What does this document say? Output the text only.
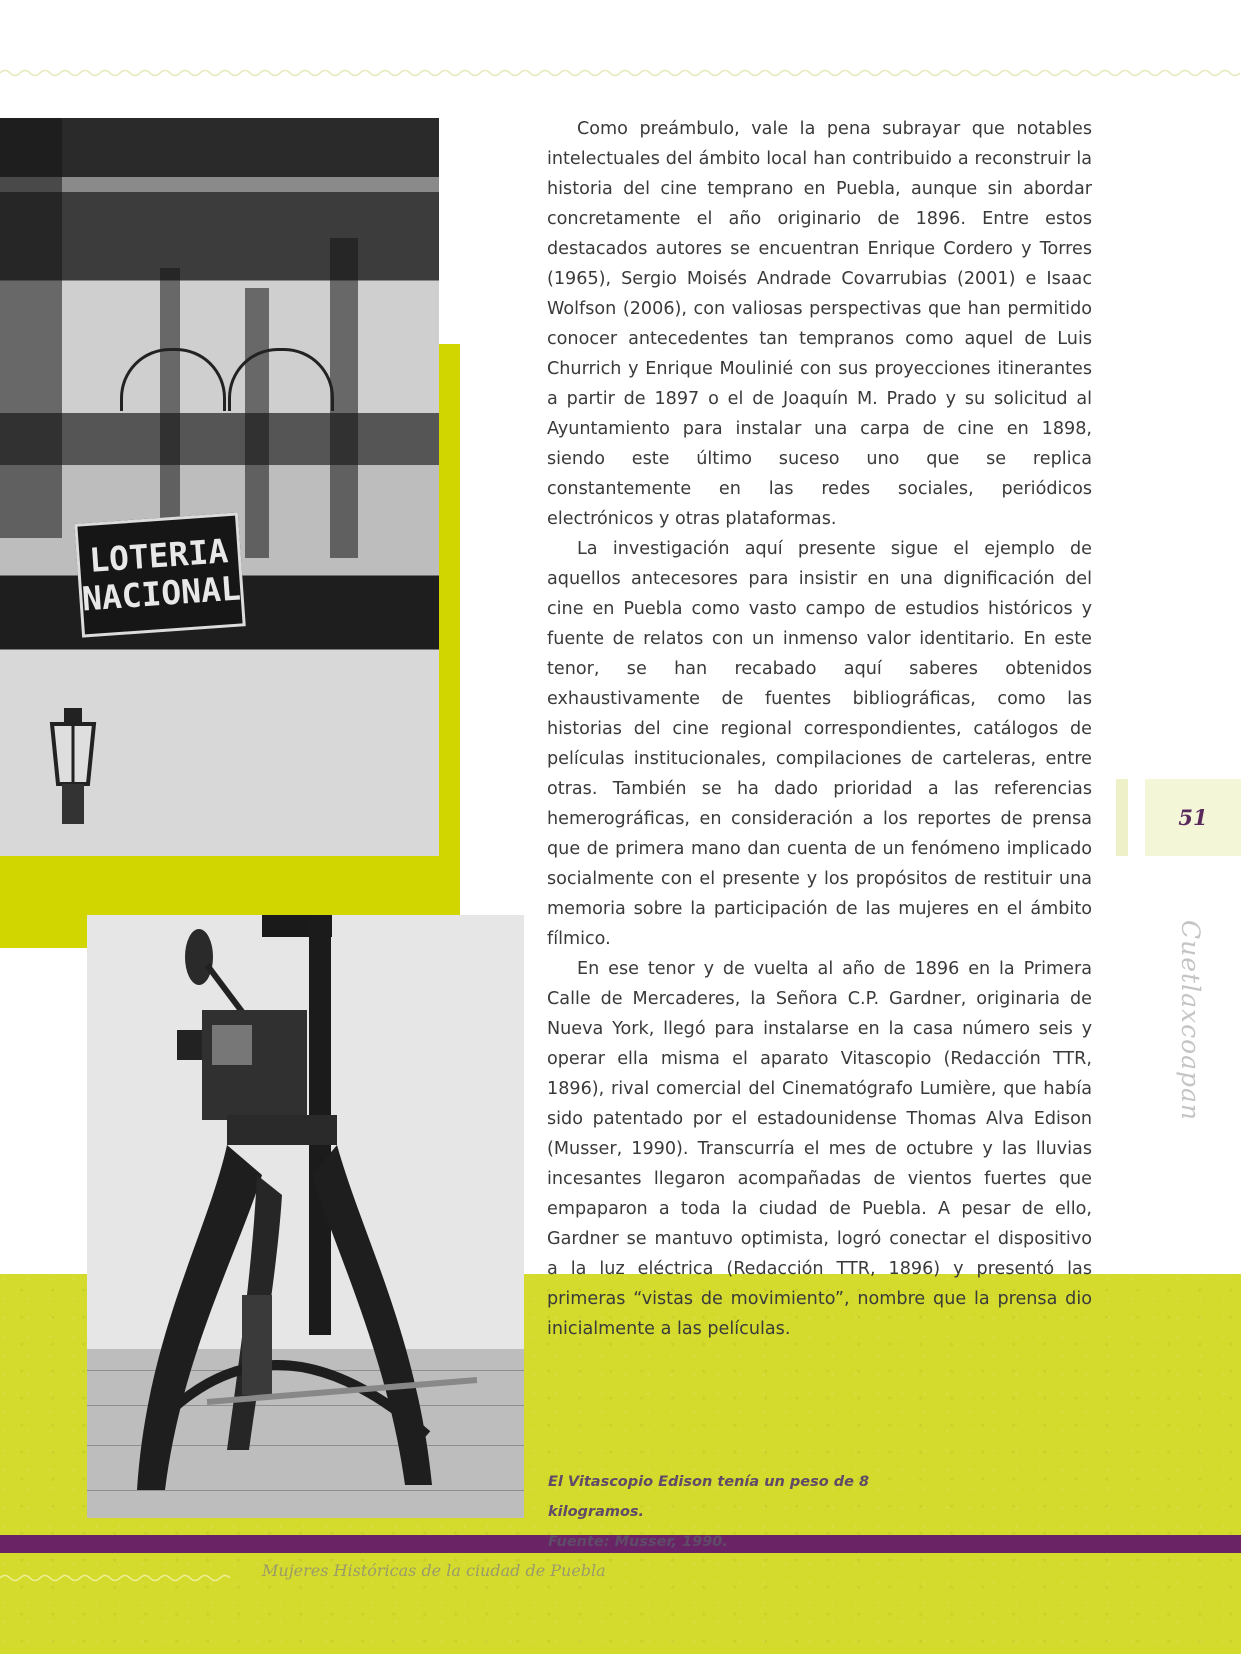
LOTERIA
NACIONAL

Como preámbulo, vale la pena subrayar que notables intelectuales del ámbito local han contribuido a reconstruir la historia del cine temprano en Puebla, aunque sin abordar concretamente el año originario de 1896. Entre estos destacados autores se encuentran Enrique Cordero y Torres (1965), Sergio Moisés Andrade Covarrubias (2001) e Isaac Wolfson (2006), con valiosas perspectivas que han permitido conocer antecedentes tan tempranos como aquel de Luis Churrich y Enrique Moulinié con sus proyecciones itinerantes a partir de 1897 o el de Joaquín M. Prado y su solicitud al Ayuntamiento para instalar una carpa de cine en 1898, siendo este último suceso uno que se replica constantemente en las redes sociales, periódicos electrónicos y otras plataformas.

La investigación aquí presente sigue el ejemplo de aquellos antecesores para insistir en una dignificación del cine en Puebla como vasto campo de estudios históricos y fuente de relatos con un inmenso valor identitario. En este tenor, se han recabado aquí saberes obtenidos exhaustivamente de fuentes bibliográficas, como las historias del cine regional correspondientes, catálogos de películas institucionales, compilaciones de carteleras, entre otras. También se ha dado prioridad a las referencias hemerográficas, en consideración a los reportes de prensa que de primera mano dan cuenta de un fenómeno implicado socialmente con el presente y los propósitos de restituir una memoria sobre la participación de las mujeres en el ámbito fílmico.

En ese tenor y de vuelta al año de 1896 en la Primera Calle de Mercaderes, la Señora C.P. Gardner, originaria de Nueva York, llegó para instalarse en la casa número seis y operar ella misma el aparato Vitascopio (Redacción TTR, 1896), rival comercial del Cinematógrafo Lumière, que había sido patentado por el estadounidense Thomas Alva Edison (Musser, 1990). Transcurría el mes de octubre y las lluvias incesantes llegaron acompañadas de vientos fuertes que empaparon a toda la ciudad de Puebla. A pesar de ello, Gardner se mantuvo optimista, logró conectar el dispositivo a la luz eléctrica (Redacción TTR, 1896) y presentó las primeras “vistas de movimiento”, nombre que la prensa dio inicialmente a las películas.

51
Cuetlaxcoapan
El Vitascopio Edison tenía un peso de 8 kilogramos.
Fuente: Musser, 1990.
Mujeres Históricas de la ciudad de Puebla
